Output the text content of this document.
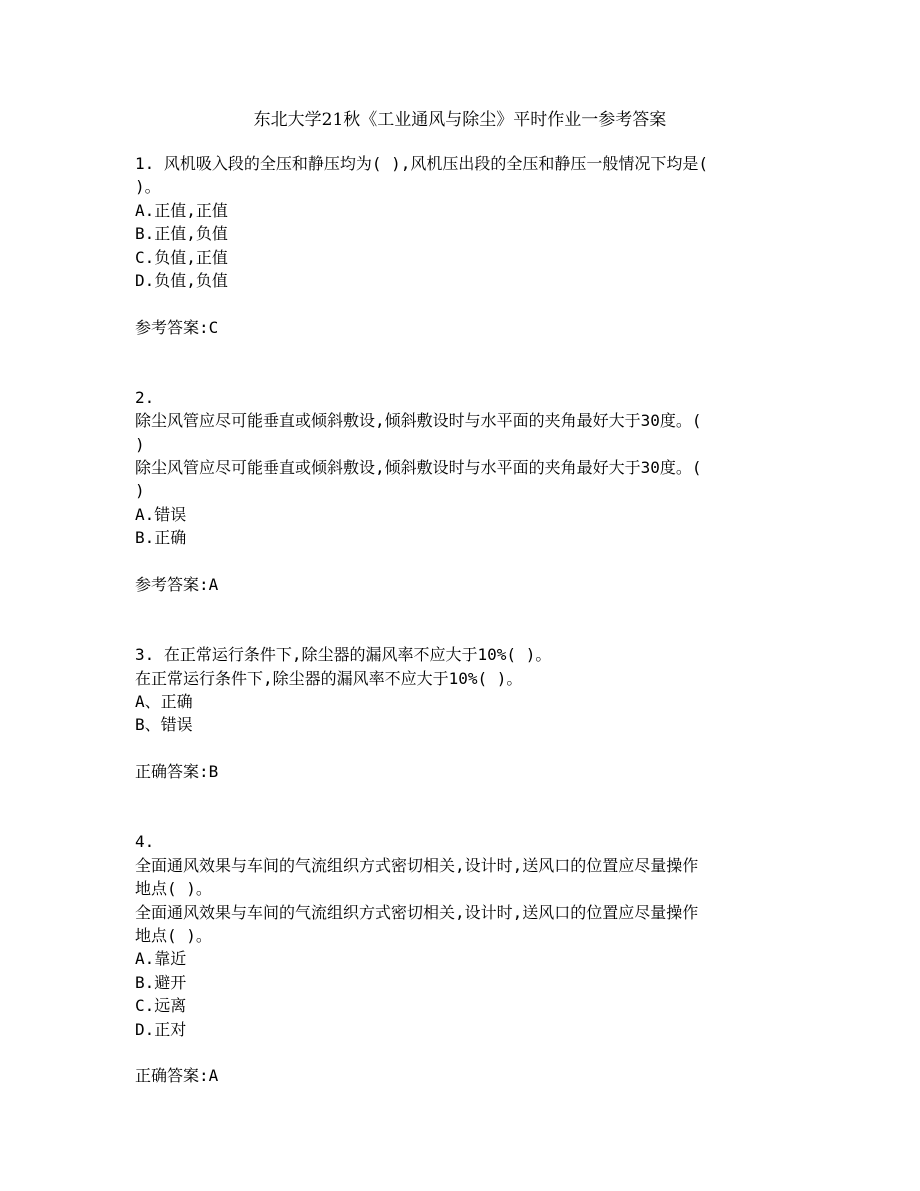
东北大学21秋《工业通风与除尘》平时作业一参考答案
1. 风机吸入段的全压和静压均为( ),风机压出段的全压和静压一般情况下均是(
)。
A.正值,正值
B.正值,负值
C.负值,正值
D.负值,负值
参考答案:C
2.
除尘风管应尽可能垂直或倾斜敷设,倾斜敷设时与水平面的夹角最好大于30度。(
)
除尘风管应尽可能垂直或倾斜敷设,倾斜敷设时与水平面的夹角最好大于30度。(
)
A.错误
B.正确
参考答案:A
3. 在正常运行条件下,除尘器的漏风率不应大于10%( )。
在正常运行条件下,除尘器的漏风率不应大于10%( )。
A、正确
B、错误
正确答案:B
4.
全面通风效果与车间的气流组织方式密切相关,设计时,送风口的位置应尽量操作
地点( )。
全面通风效果与车间的气流组织方式密切相关,设计时,送风口的位置应尽量操作
地点( )。
A.靠近
B.避开
C.远离
D.正对
正确答案:A
